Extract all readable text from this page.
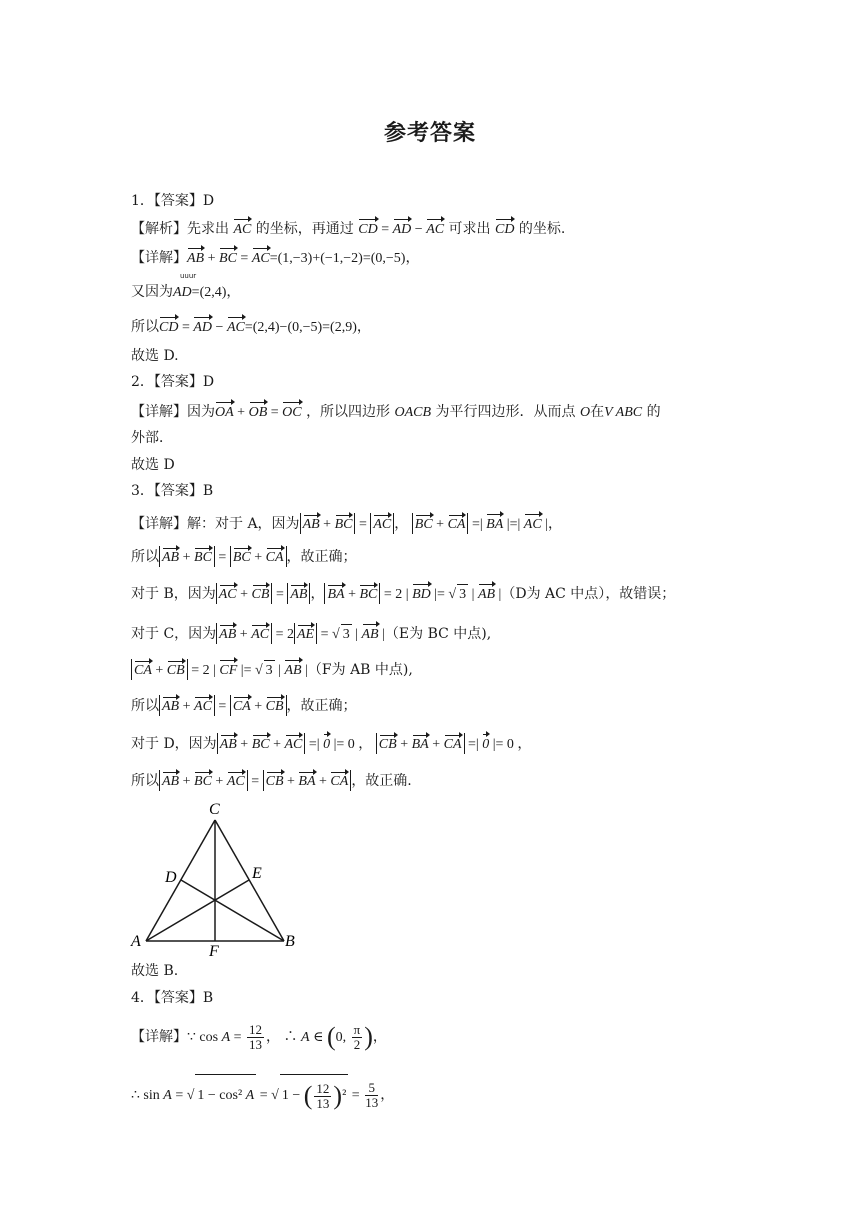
参考答案
1．【答案】D
【解析】先求出 AC 的坐标，再通过 CD = AD − AC 可求出 CD 的坐标.
【详解】AB + BC = AC=(1,−3)+(−1,−2)=(0,−5)，
uuur
又因为AD=(2,4)，
所以CD = AD − AC=(2,4)−(0,−5)=(2,9)，
故选 D.
2．【答案】D
【详解】因为OA + OB = OC ，所以四边形 OACB 为平行四边形．从而点 O在V ABC 的
外部．
故选 D
3．【答案】B
【详解】解：对于 A，因为 AB + BC = AC ， BC + CA =| BA |=| AC |，
所以 AB + BC = BC + CA ，故正确；
对于 B，因为 AC + CB = AB ， BA + BC = 2 | BD |= √ 3 | AB |（D为 AC 中点），故错误；
对于 C，因为 AB + AC = 2 AE = √ 3 | AB |（E为 BC 中点),
CA + CB = 2 | CF |= √ 3 | AB |（F为 AB 中点),
所以 AB + AC = CA + CB ，故正确；
对于 D，因为 AB + BC + AC =| 0 |= 0 ， CB + BA + CA =| 0 |= 0 ，
所以 AB + BC + AC = CB + BA + CA ，故正确.
C
D	E
A
F
B
故选 B.
4．【答案】B
【详解】∵ $\cos A = \frac{12}{13}$ ， ∴ A ∈ (0, $\frac{\pi}{2}$ )，
∴ sin A = √ 1 − cos² A = √ 1 − ( $\frac{12}{13} )^2 = \frac{5}{13}$ ，
